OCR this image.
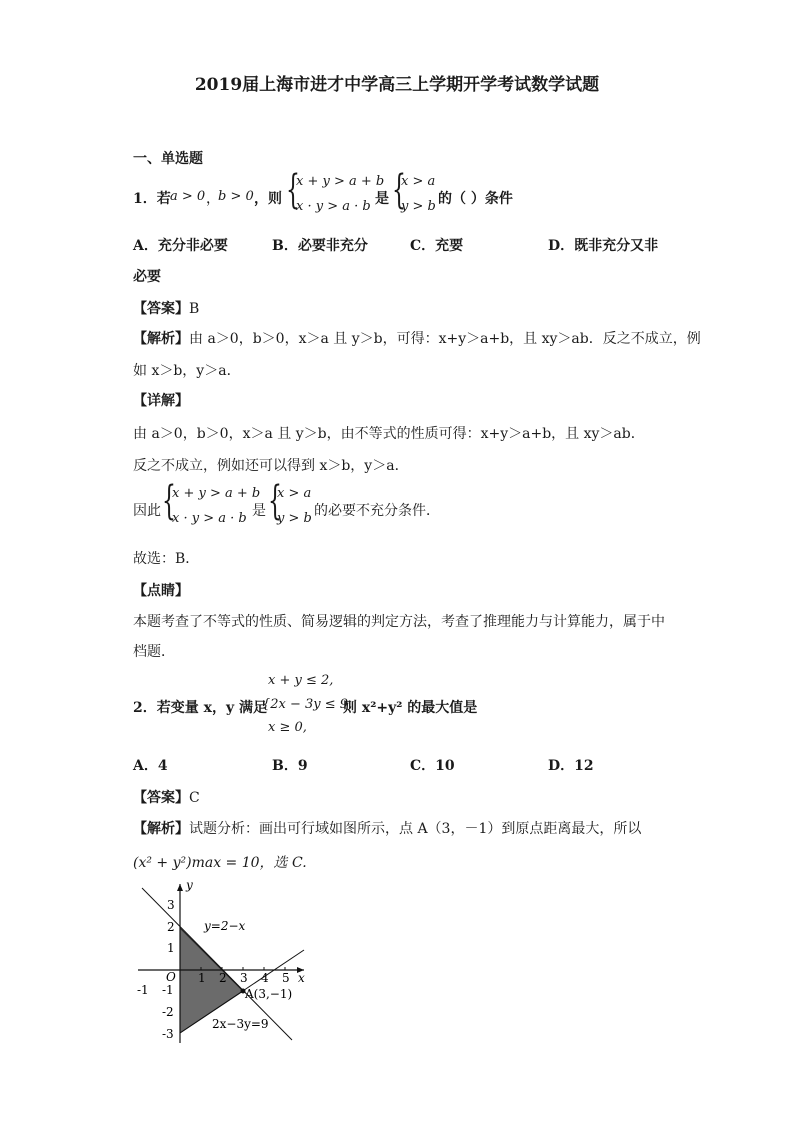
2019届上海市进才中学高三上学期开学考试数学试题
一、单选题
1．若 a > 0 ，
b > 0 ，则 {
x + y > a + b
x · y > a · b 是 {
x > a
y > b 的（ ）条件
A．充分非必要	B．必要非充分	C．充要	D．既非充分又非
必要
【答案】B
【解析】由 a＞0，b＞0，x＞a 且 y＞b，可得：x+y＞a+b，且 xy＞ab．反之不成立，例
如 x＞b，y＞a．
【详解】
由 a＞0，b＞0，x＞a 且 y＞b，由不等式的性质可得：x+y＞a+b，且 xy＞ab．
反之不成立，例如还可以得到 x＞b，y＞a．
因此 {
x + y > a + b
x · y > a · b 是 {
x > a
y > b 的必要不充分条件．
故选：B．
【点睛】
本题考查了不等式的性质、简易逻辑的判定方法，考查了推理能力与计算能力，属于中
档题．
x + y ≤ 2,
2．若变量 x，y 满足
{2x − 3y ≤ 9,
则 x²+y² 的最大值是
x ≥ 0,
A．4	B．9	C．10	D．12
【答案】C
【解析】试题分析：画出可行域如图所示，点 A（3，－1）到原点距离最大，所以
(x² + y²)max = 10，选 C.
y
x
O 1 2 3 4 5
3
2
1
-1
-2
-3
-1
y=2−x
A(3,−1)
2x−3y=9
